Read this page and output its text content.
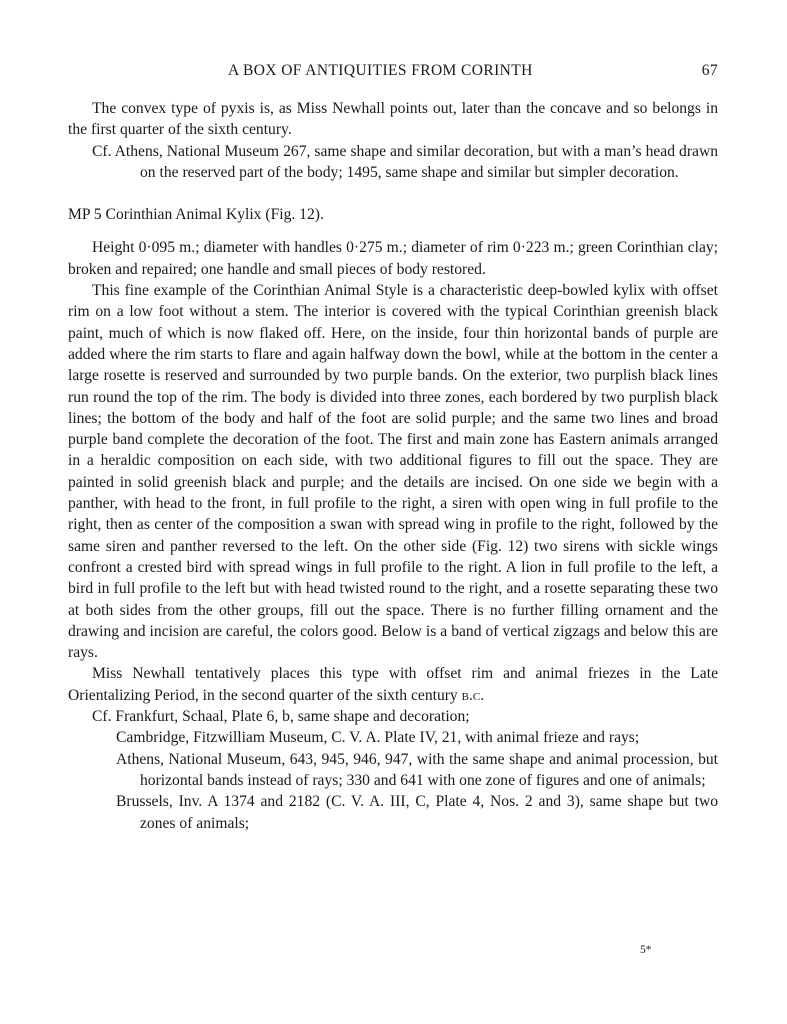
A BOX OF ANTIQUITIES FROM CORINTH	67

The convex type of pyxis is, as Miss Newhall points out, later than the concave and so belongs in the first quarter of the sixth century.

Cf. Athens, National Museum 267, same shape and similar decoration, but with a man’s head drawn on the reserved part of the body; 1495, same shape and similar but simpler decoration.

MP 5 Corinthian Animal Kylix (Fig. 12).

Height 0·095 m.; diameter with handles 0·275 m.; diameter of rim 0·223 m.; green Corinthian clay; broken and repaired; one handle and small pieces of body restored.

This fine example of the Corinthian Animal Style is a characteristic deep-bowled kylix with offset rim on a low foot without a stem. The interior is covered with the typical Corinthian greenish black paint, much of which is now flaked off. Here, on the inside, four thin horizontal bands of purple are added where the rim starts to flare and again halfway down the bowl, while at the bottom in the center a large rosette is reserved and surrounded by two purple bands. On the exterior, two purplish black lines run round the top of the rim. The body is divided into three zones, each bordered by two purplish black lines; the bottom of the body and half of the foot are solid purple; and the same two lines and broad purple band complete the decoration of the foot. The first and main zone has Eastern animals arranged in a heraldic composition on each side, with two additional figures to fill out the space. They are painted in solid greenish black and purple; and the details are incised. On one side we begin with a panther, with head to the front, in full profile to the right, a siren with open wing in full profile to the right, then as center of the composition a swan with spread wing in profile to the right, followed by the same siren and panther reversed to the left. On the other side (Fig. 12) two sirens with sickle wings confront a crested bird with spread wings in full profile to the right. A lion in full profile to the left, a bird in full profile to the left but with head twisted round to the right, and a rosette separating these two at both sides from the other groups, fill out the space. There is no further filling ornament and the drawing and incision are careful, the colors good. Below is a band of vertical zigzags and below this are rays.

Miss Newhall tentatively places this type with offset rim and animal friezes in the Late Orientalizing Period, in the second quarter of the sixth century b.c.

Cf. Frankfurt, Schaal, Plate 6, b, same shape and decoration;

Cambridge, Fitzwilliam Museum, C. V. A. Plate IV, 21, with animal frieze and rays;

Athens, National Museum, 643, 945, 946, 947, with the same shape and animal procession, but horizontal bands instead of rays; 330 and 641 with one zone of figures and one of animals;

Brussels, Inv. A 1374 and 2182 (C. V. A. III, C, Plate 4, Nos. 2 and 3), same shape but two zones of animals;

5*
